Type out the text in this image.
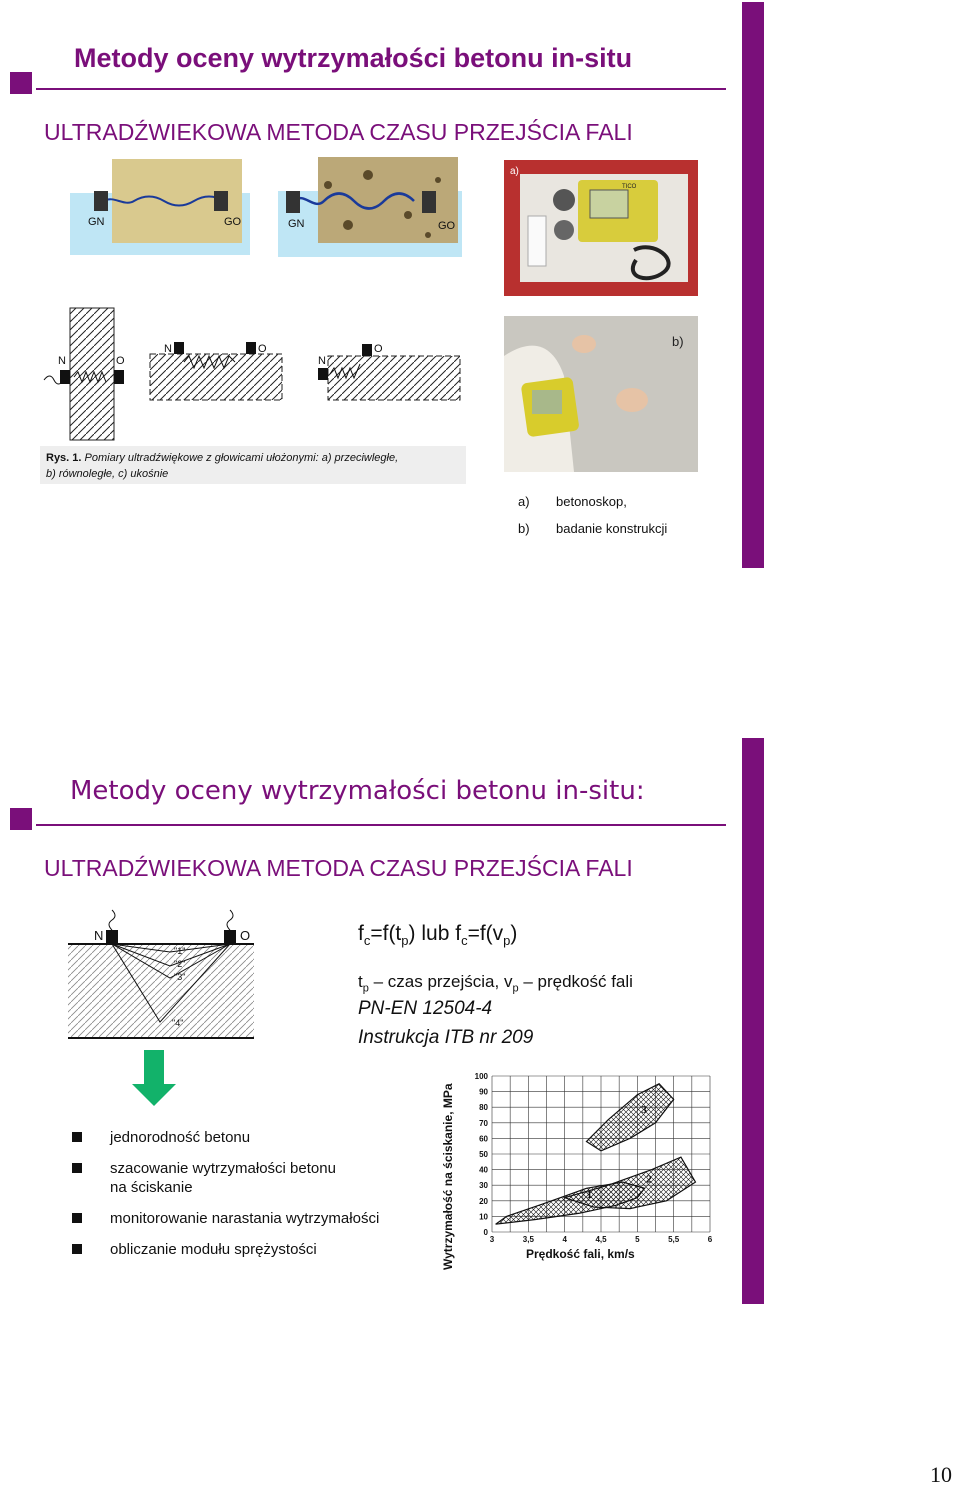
Metody oceny wytrzymałości betonu in-situ
ULTRADŹWIEKOWA METODA CZASU PRZEJŚCIA FALI
GN	GO	GN	GO
a)
TICO
N	O
N	O
N
O	b)
Rys. 1. Pomiary ultradźwiękowe z głowicami ułożonymi: a) przeciwległe,
b) równoległe, c) ukośnie
a) betonoskop,
b) badanie konstrukcji
Metody oceny wytrzymałości betonu in-situ:
ULTRADŹWIEKOWA METODA CZASU PRZEJŚCIA FALI
N	O
"1"
"2"
"3"
"4"
$f_c=f(t_p)$ lub $f_c=f(v_p)$
$t_p$ – czas przejścia, $v_p$ – prędkość fali
PN-EN 12504-4
Instrukcja ITB nr 209
jednorodność betonu
szacowanie wytrzymałości betonu na ściskanie
monitorowanie narastania wytrzymałości
obliczanie modułu sprężystości
2
3
0
10
20
30
40
50
60
70
80
90
100
3	3,5	4	4,5	5	5,5	6
Wytrzymałość na ściskanie, MPa	Prędkość fali, km/s
10
